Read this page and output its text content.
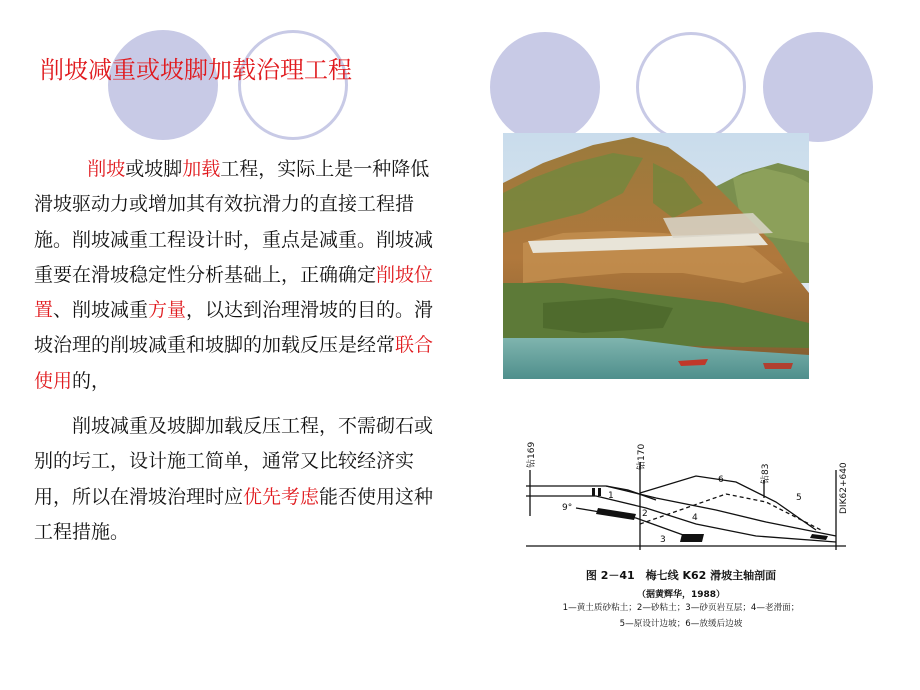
削坡减重或坡脚加载治理工程

削坡或坡脚加载工程，实际上是一种降低滑坡驱动力或增加其有效抗滑力的直接工程措施。削坡减重工程设计时，重点是减重。削坡减重要在滑坡稳定性分析基础上，正确确定削坡位置、削坡减重方量，以达到治理滑坡的目的。滑坡治理的削坡减重和坡脚的加载反压是经常联合使用的，

削坡减重及坡脚加载反压工程，不需砌石或别的圬工，设计施工简单，通常又比较经济实用，所以在滑坡治理时应优先考虑能否使用这种工程措施。

钻169	钻170
钻83	DIK62+640
1
2
3
4
5
6
9°
图 2－41　梅七线 K62 滑坡主轴剖面
（据黄辉华，1988）
1—黄土质砂粘土；2—砂粘土；3—砂页岩互层；4—老滑面；
5—原设计边坡；6—放缓后边坡
